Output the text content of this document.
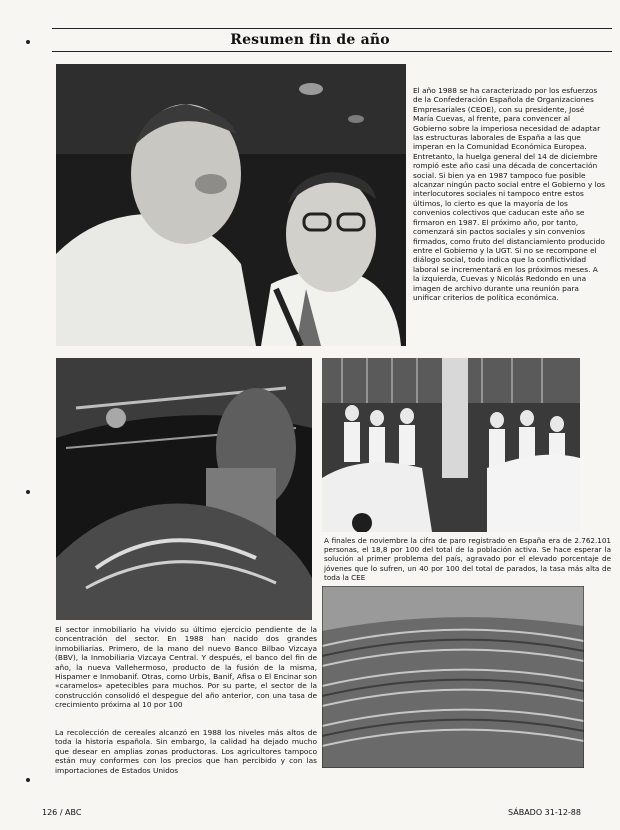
Resumen fin de año
El año 1988 se ha caracterizado por los esfuerzos de la Confederación Española de Organizaciones Empresariales (CEOE), con su presidente, José María Cuevas, al frente, para convencer al Gobierno sobre la imperiosa necesidad de adaptar las estructuras laborales de España a las que imperan en la Comunidad Económica Europea. Entretanto, la huelga general del 14 de diciembre rompió este año casi una década de concertación social. Si bien ya en 1987 tampoco fue posible alcanzar ningún pacto social entre el Gobierno y los interlocutores sociales ni tampoco entre estos últimos, lo cierto es que la mayoría de los convenios colectivos que caducan este año se firmaron en 1987. El próximo año, por tanto, comenzará sin pactos sociales y sin convenios firmados, como fruto del distanciamiento producido entre el Gobierno y la UGT. Si no se recompone el diálogo social, todo indica que la conflictividad laboral se incrementará en los próximos meses. A la izquierda, Cuevas y Nicolás Redondo en una imagen de archivo durante una reunión para unificar criterios de política económica.
El sector inmobiliario ha vivido su último ejercicio pendiente de la concentración del sector. En 1988 han nacido dos grandes inmobiliarias. Primero, de la mano del nuevo Banco Bilbao Vizcaya (BBV), la Inmobiliaria Vizcaya Central. Y después, el banco del fin de año, la nueva Vallehermoso, producto de la fusión de la misma, Hispamer e Inmobanif. Otras, como Urbis, Banif, Afisa o El Encinar son «caramelos» apetecibles para muchos. Por su parte, el sector de la construcción consolidó el despegue del año anterior, con una tasa de crecimiento próxima al 10 por 100
A finales de noviembre la cifra de paro registrado en España era de 2.762.101 personas, el 18,8 por 100 del total de la población activa. Se hace esperar la solución al primer problema del país, agravado por el elevado porcentaje de jóvenes que lo sufren, un 40 por 100 del total de parados, la tasa más alta de toda la CEE
La recolección de cereales alcanzó en 1988 los niveles más altos de toda la historia española. Sin embargo, la calidad ha dejado mucho que desear en amplias zonas productoras. Los agricultores tampoco están muy conformes con los precios que han percibido y con las importaciones de Estados Unidos
126 / ABC	SÁBADO 31-12-88
